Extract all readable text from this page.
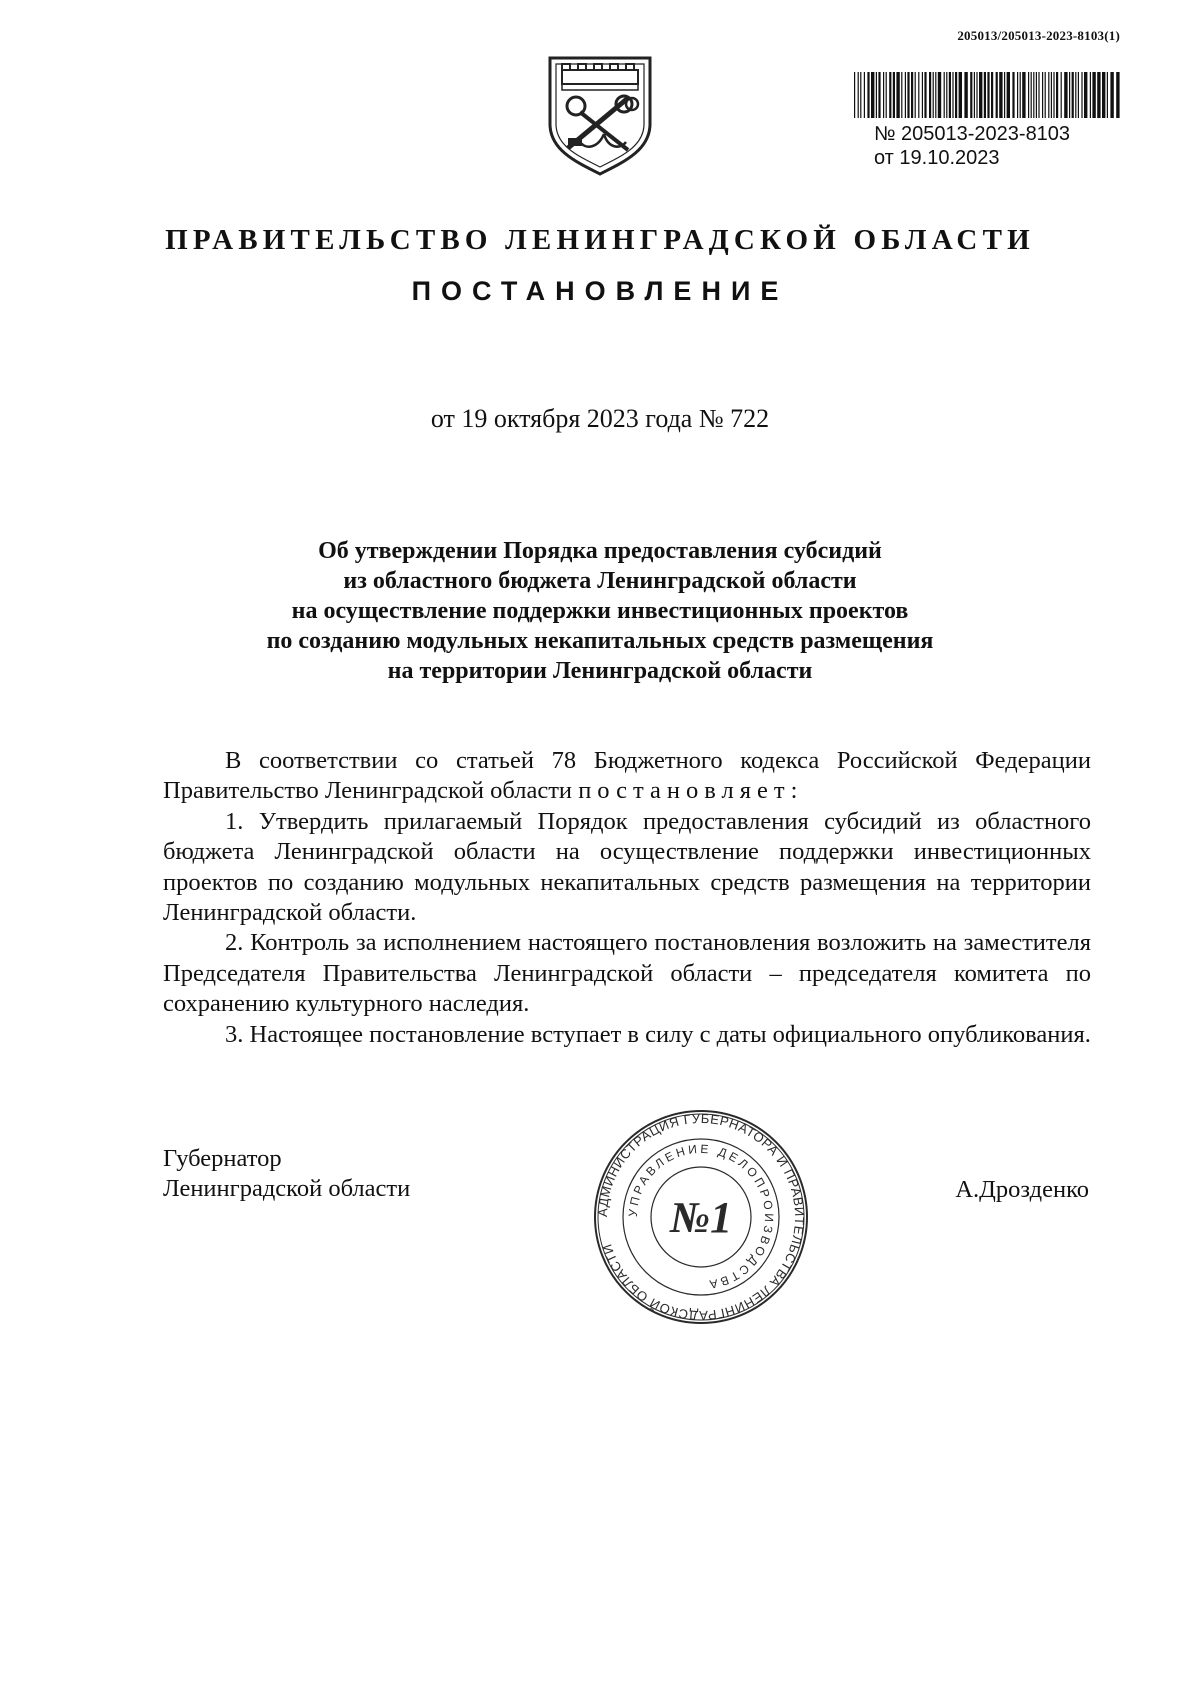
205013/205013-2023-8103(1)
№ 205013-2023-8103
от 19.10.2023
ПРАВИТЕЛЬСТВО ЛЕНИНГРАДСКОЙ ОБЛАСТИ
ПОСТАНОВЛЕНИЕ
от 19 октября 2023 года № 722
Об утверждении Порядка предоставления субсидий
из областного бюджета Ленинградской области
на осуществление поддержки инвестиционных проектов
по созданию модульных некапитальных средств размещения
на территории Ленинградской области

В соответствии со статьей 78 Бюджетного кодекса Российской Федерации Правительство Ленинградской области постановляет:

1. Утвердить прилагаемый Порядок предоставления субсидий из областного бюджета Ленинградской области на осуществление поддержки инвестиционных проектов по созданию модульных некапитальных средств размещения на территории Ленинградской области.

2. Контроль за исполнением настоящего постановления возложить на заместителя Председателя Правительства Ленинградской области – председателя комитета по сохранению культурного наследия.

3. Настоящее постановление вступает в силу с даты официального опубликования.

Губернатор
Ленинградской области	А.Дрозденко
АДМИНИСТРАЦИЯ ГУБЕРНАТОРА И ПРАВИТЕЛЬСТВА ЛЕНИНГРАДСКОЙ ОБЛАСТИ
УПРАВЛЕНИЕ ДЕЛОПРОИЗВОДСТВА
№1
